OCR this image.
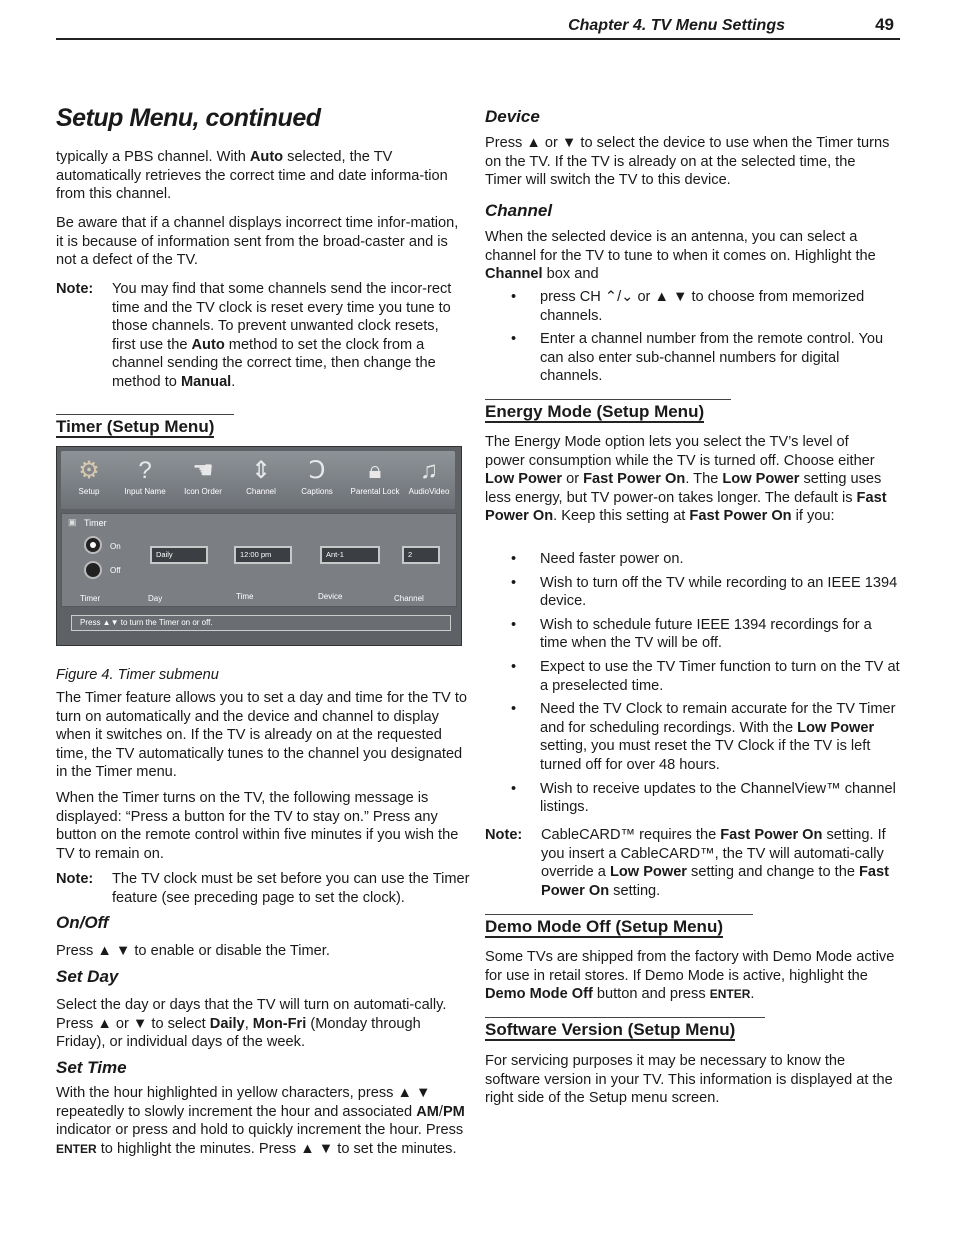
Chapter 4. TV Menu Settings	49
Setup Menu, continued

typically a PBS channel. With Auto selected, the TV automatically retrieves the correct time and date informa-tion from this channel.

Be aware that if a channel displays incorrect time infor-mation, it is because of information sent from the broad-caster and is not a defect of the TV.

Note: You may find that some channels send the incor-rect time and the TV clock is reset every time you tune to those channels. To prevent unwanted clock resets, first use the Auto method to set the clock from a channel sending the correct time, then change the method to Manual.
Timer (Setup Menu)
⚙
Setup
?
Input Name
☚
Icon Order
⇕
Channel
Ↄ
Captions
🔒︎
Parental Lock
♫
AudioVideo
▣ Timer
On
Off
Daily	12:00 pm	Ant-1	2
Timer	Day	Time	Device	Channel
Press ▲▼ to turn the Timer on or off.
Figure 4. Timer submenu

The Timer feature allows you to set a day and time for the TV to turn on automatically and the device and channel to display when it switches on. If the TV is already on at the requested time, the TV automatically tunes to the channel you designated in the Timer menu.

When the Timer turns on the TV, the following message is displayed: “Press a button for the TV to stay on.” Press any button on the remote control within five minutes if you wish the TV to remain on.

Note: The TV clock must be set before you can use the Timer feature (see preceding page to set the clock).
On/Off

Press ▲ ▼ to enable or disable the Timer.

Set Day

Select the day or days that the TV will turn on automati-cally. Press ▲ or ▼ to select Daily, Mon-Fri (Monday through Friday), or individual days of the week.

Set Time

With the hour highlighted in yellow characters, press ▲ ▼ repeatedly to slowly increment the hour and associated AM/PM indicator or press and hold to quickly increment the hour. Press ENTER to highlight the minutes. Press ▲ ▼ to set the minutes.

Device

Press ▲ or ▼ to select the device to use when the Timer turns on the TV. If the TV is already on at the selected time, the Timer will switch the TV to this device.

Channel

When the selected device is an antenna, you can select a channel for the TV to tune to when it comes on. Highlight the Channel box and

• press CH ⌃/⌄ or ▲ ▼ to choose from memorized channels.
• Enter a channel number from the remote control. You can also enter sub-channel numbers for digital channels.
Energy Mode (Setup Menu)

The Energy Mode option lets you select the TV’s level of power consumption while the TV is turned off. Choose either Low Power or Fast Power On. The Low Power setting uses less energy, but TV power-on takes longer. The default is Fast Power On. Keep this setting at Fast Power On if you:

• Need faster power on.
• Wish to turn off the TV while recording to an IEEE 1394 device.
• Wish to schedule future IEEE 1394 recordings for a time when the TV will be off.
• Expect to use the TV Timer function to turn on the TV at a preselected time.
• Need the TV Clock to remain accurate for the TV Timer and for scheduling recordings. With the Low Power setting, you must reset the TV Clock if the TV is left turned off for over 48 hours.
• Wish to receive updates to the ChannelView™ channel listings.
Note: CableCARD™ requires the Fast Power On setting. If you insert a CableCARD™, the TV will automati-cally override a Low Power setting and change to the Fast Power On setting.
Demo Mode Off (Setup Menu)

Some TVs are shipped from the factory with Demo Mode active for use in retail stores. If Demo Mode is active, highlight the Demo Mode Off button and press ENTER.

Software Version (Setup Menu)

For servicing purposes it may be necessary to know the software version in your TV. This information is displayed at the right side of the Setup menu screen.
